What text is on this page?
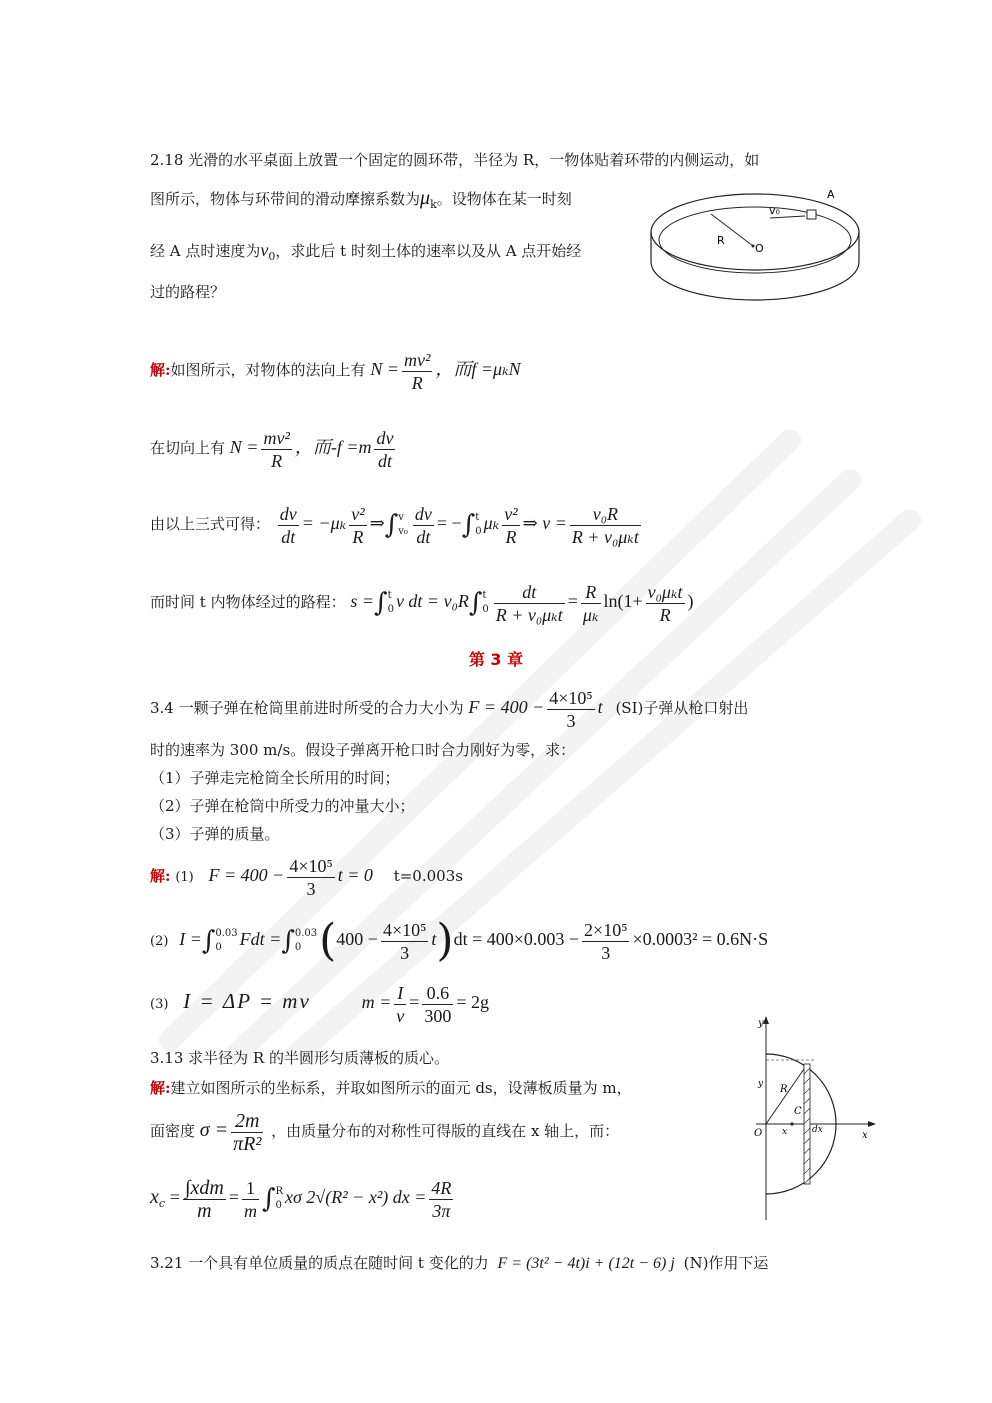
2.18 光滑的水平桌面上放置一个固定的圆环带，半径为 R，一物体贴着环带的内侧运动，如
图所示，物体与环带间的滑动摩擦系数为$\mu_k$。设物体在某一时刻
经 A 点时速度为$v_0$，求此后 t 时刻土体的速率以及从 A 点开始经
过的路程？
A
v₀
R
O
解:如图所示，对物体的法向上有 $N = \frac{\text{mv²}}{R}$ ，而f =μₖN
在切向上有 $N = \frac{\text{mv²}}{R}$ ，而$-f =m \frac{dv}{dt}$
由以上三式可得： $\frac{dv}{dt} = -\mu_k \frac{\text{v²}}{R}$ ⇒∫ v
$v_0 \frac{dv}{dt}$ = −∫ t
0 μₖ $\frac{\text{v²}}{R}$ ⇒ $v = \frac{\text{v₀R}}{\text{R + v₀μₖt}}$
而时间 t 内物体经过的路程： s =∫ t
0 v dt = v₀R∫ t
$0 \frac{dt}{\text{R + v₀μₖt}} = \frac{R}{\text{μₖ}} \ln(1+ \frac{\text{v₀μₖt}}{R}$ )
第 3 章
3.4 一颗子弹在枪筒里前进时所受的合力大小为 $F = 400 - \frac{\text{4×10⁵}}{3}$ t (SI)子弹从枪口射出
时的速率为 300 m/s。假设子弹离开枪口时合力刚好为零，求：
（1）子弹走完枪筒全长所用的时间；
（2）子弹在枪筒中所受力的冲量大小；
（3）子弹的质量。
解: (1) $F = 400 - \frac{\text{4×10⁵}}{3}$ t = 0 t=0.003s
(2) I =∫ 0.03
0 Fdt =∫ 0.03
0 $(400 - \frac{\text{4×10⁵}}{3} t)dt = 400\times 0.003 - \frac{\text{2×10⁵}}{3} \times 0.0003^2 = 0.6N\cdot S$
(3) I = ΔP = mv	$m = \frac{I}{v} = \frac{0.6}{300} = 2g$
3.13 求半径为 R 的半圆形匀质薄板的质心。
解:建立如图所示的坐标系，并取如图所示的面元 ds，设薄板质量为 m，
面密度 $\sigma = \frac{2m}{\text{πR²}}$ ，由质量分布的对称性可得版的直线在 x 轴上，而：
$x_c = \frac{\text{∫xdm}}{m} = \frac{1}{m}$ ∫ R
0 xσ 2√(R² − x²) dx = $\frac{4R}{3\pi}$
y
x
O
R
C
dx
x
y
3.21 一个具有单位质量的质点在随时间 t 变化的力 F = (3t² − 4t)i + (12t − 6) j (N)作用下运
